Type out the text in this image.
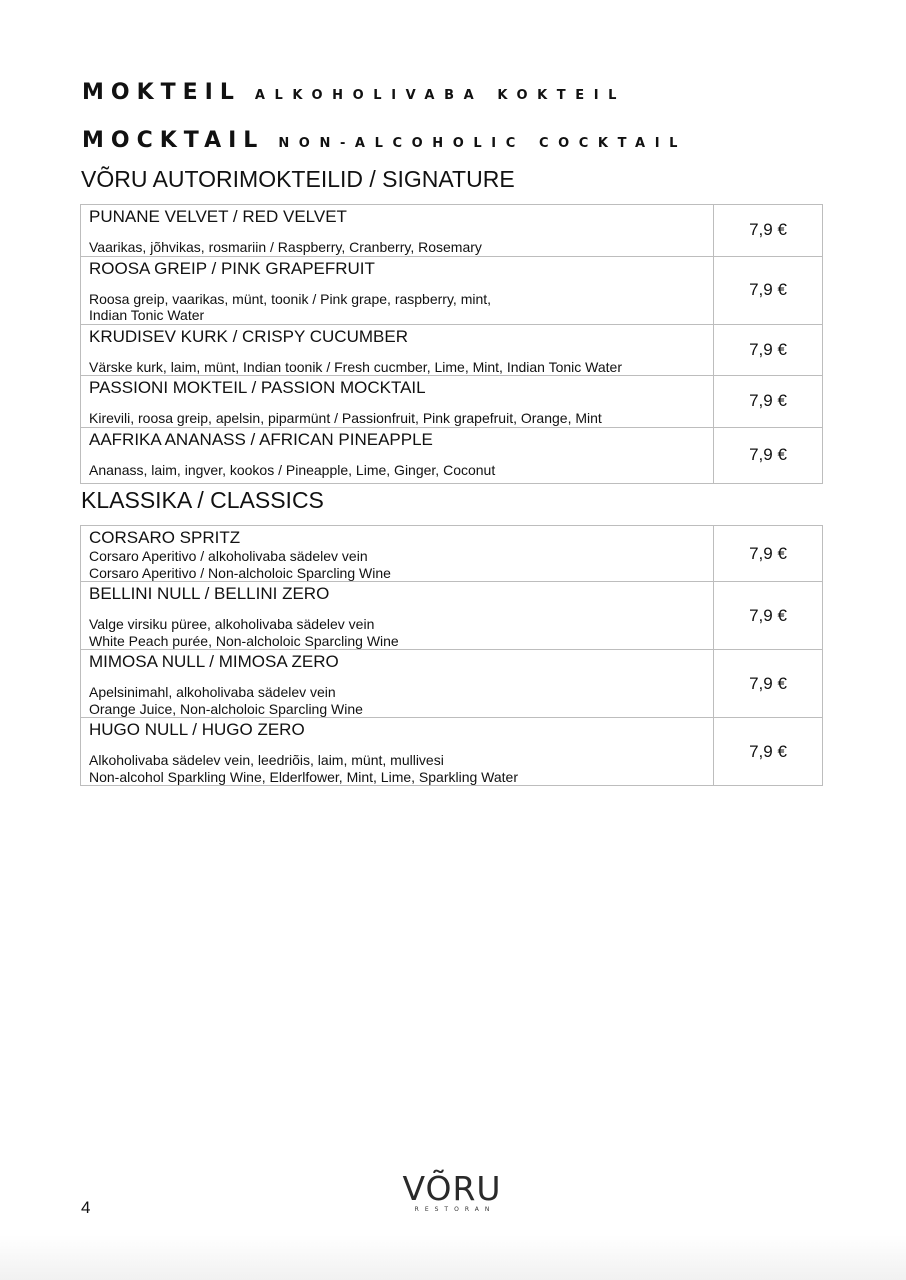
MOKTEIL ALKOHOLIVABA KOKTEIL
MOCKTAIL NON-ALCOHOLIC COCKTAIL
VÕRU AUTORIMOKTEILID / SIGNATURE
PUNANE VELVET / RED VELVET
Vaarikas, jõhvikas, rosmariin / Raspberry, Cranberry, Rosemary	7,9 €

ROOSA GREIP / PINK GRAPEFRUIT
Roosa greip, vaarikas, münt, toonik / Pink grape, raspberry, mint,
Indian Tonic Water	7,9 €

KRUDISEV KURK / CRISPY CUCUMBER
Värske kurk, laim, münt, Indian toonik / Fresh cucmber, Lime, Mint, Indian Tonic Water	7,9 €

PASSIONI MOKTEIL / PASSION MOCKTAIL
Kirevili, roosa greip, apelsin, piparmünt / Passionfruit, Pink grapefruit, Orange, Mint	7,9 €

AAFRIKA ANANASS / AFRICAN PINEAPPLE
Ananass, laim, ingver, kookos / Pineapple, Lime, Ginger, Coconut	7,9 €
KLASSIKA / CLASSICS
CORSARO SPRITZ
Corsaro Aperitivo / alkoholivaba sädelev vein
Corsaro Aperitivo / Non-alcholoic Sparcling Wine	7,9 €

BELLINI NULL / BELLINI ZERO
Valge virsiku püree, alkoholivaba sädelev vein
White Peach purée, Non-alcholoic Sparcling Wine	7,9 €

MIMOSA NULL / MIMOSA ZERO
Apelsinimahl, alkoholivaba sädelev vein
Orange Juice, Non-alcholoic Sparcling Wine	7,9 €

HUGO NULL / HUGO ZERO
Alkoholivaba sädelev vein, leedriõis, laim, münt, mullivesi
Non-alcohol Sparkling Wine, Elderlfower, Mint, Lime, Sparkling Water	7,9 €
4	VÕRU
RESTORAN
